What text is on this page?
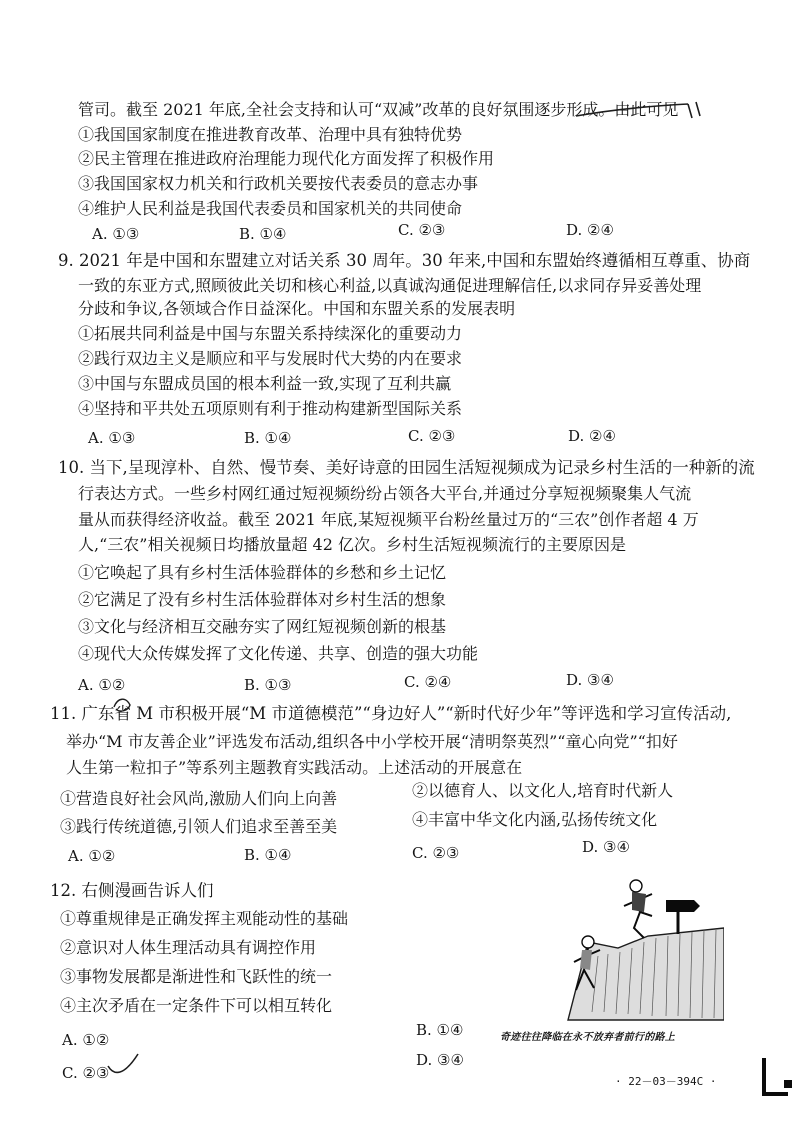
管司。截至 2021 年底,全社会支持和认可“双减”改革的良好氛围逐步形成。由此可见
①我国国家制度在推进教育改革、治理中具有独特优势
②民主管理在推进政府治理能力现代化方面发挥了积极作用
③我国国家权力机关和行政机关要按代表委员的意志办事
④维护人民利益是我国代表委员和国家机关的共同使命
A. ①③	B. ①④	C. ②③	D. ②④
9. 2021 年是中国和东盟建立对话关系 30 周年。30 年来,中国和东盟始终遵循相互尊重、协商
一致的东亚方式,照顾彼此关切和核心利益,以真诚沟通促进理解信任,以求同存异妥善处理
分歧和争议,各领域合作日益深化。中国和东盟关系的发展表明
①拓展共同利益是中国与东盟关系持续深化的重要动力
②践行双边主义是顺应和平与发展时代大势的内在要求
③中国与东盟成员国的根本利益一致,实现了互利共赢
④坚持和平共处五项原则有利于推动构建新型国际关系
A. ①③	B. ①④	C. ②③	D. ②④
10. 当下,呈现淳朴、自然、慢节奏、美好诗意的田园生活短视频成为记录乡村生活的一种新的流
行表达方式。一些乡村网红通过短视频纷纷占领各大平台,并通过分享短视频聚集人气流
量从而获得经济收益。截至 2021 年底,某短视频平台粉丝量过万的“三农”创作者超 4 万
人,“三农”相关视频日均播放量超 42 亿次。乡村生活短视频流行的主要原因是
①它唤起了具有乡村生活体验群体的乡愁和乡土记忆
②它满足了没有乡村生活体验群体对乡村生活的想象
③文化与经济相互交融夯实了网红短视频创新的根基
④现代大众传媒发挥了文化传递、共享、创造的强大功能
A. ①②	B. ①③	C. ②④	D. ③④
11. 广东省 M 市积极开展“M 市道德模范”“身边好人”“新时代好少年”等评选和学习宣传活动,
举办“M 市友善企业”评选发布活动,组织各中小学校开展“清明祭英烈”“童心向党”“扣好
人生第一粒扣子”等系列主题教育实践活动。上述活动的开展意在
①营造良好社会风尚,激励人们向上向善	②以德育人、以文化人,培育时代新人
③践行传统道德,引领人们追求至善至美	④丰富中华文化内涵,弘扬传统文化
A. ①②	B. ①④	C. ②③	D. ③④
12. 右侧漫画告诉人们
①尊重规律是正确发挥主观能动性的基础
②意识对人体生理活动具有调控作用
③事物发展都是渐进性和飞跃性的统一
④主次矛盾在一定条件下可以相互转化
A. ①②
B. ①④
C. ②③
D. ③④
奇迹往往降临在永不放弃者前行的路上
· 22－03－394C ·
